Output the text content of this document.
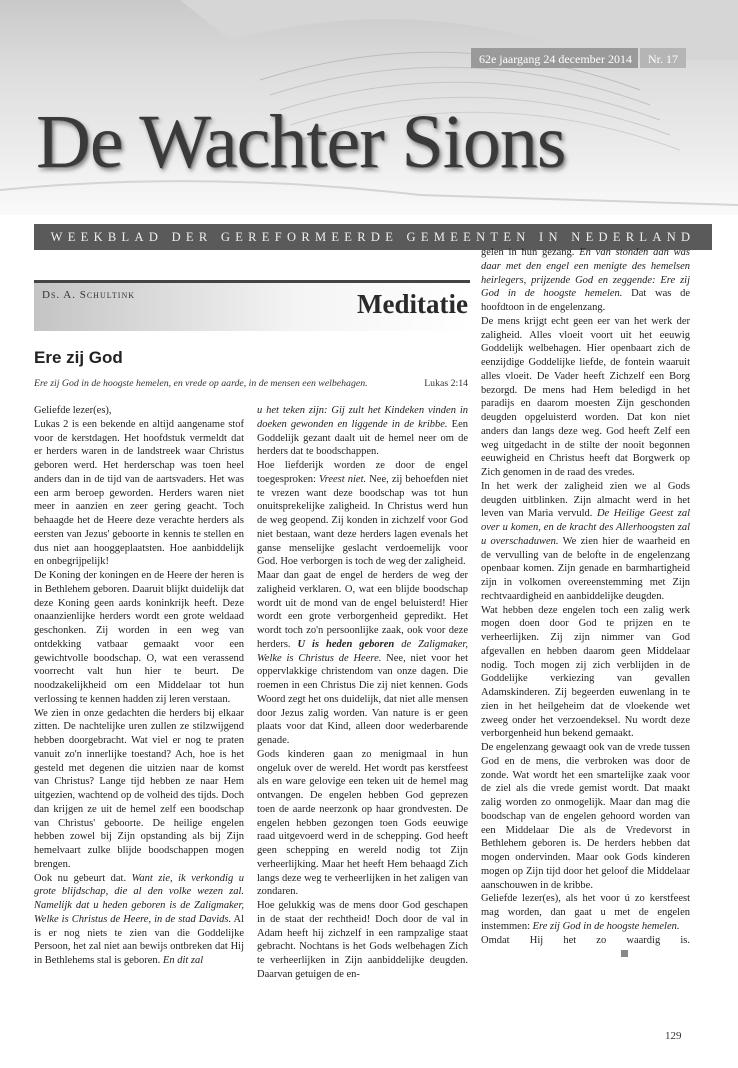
62e jaargang 24 december 2014	Nr. 17
De Wachter Sions
WEEKBLAD DER GEREFORMEERDE GEMEENTEN IN NEDERLAND
Ds. A. Schultink	Meditatie
Ere zij God
Ere zij God in de hoogste hemelen, en vrede op aarde, in de mensen een welbehagen.	Lukas 2:14

Geliefde lezer(es),

Lukas 2 is een bekende en altijd aangename stof voor de kerstdagen. Het hoofdstuk vermeldt dat er herders waren in de landstreek waar Christus geboren werd. Het herderschap was toen heel anders dan in de tijd van de aartsvaders. Het was een arm beroep geworden. Herders waren niet meer in aanzien en zeer gering geacht. Toch behaagde het de Heere deze verachte herders als eersten van Jezus' geboorte in kennis te stellen en dus niet aan hooggeplaatsten. Hoe aanbiddelijk en onbegrijpelijk!

De Koning der koningen en de Heere der heren is in Bethlehem geboren. Daaruit blijkt duidelijk dat deze Koning geen aards koninkrijk heeft. Deze onaanzienlijke herders wordt een grote weldaad geschonken. Zij worden in een weg van ontdekking vatbaar gemaakt voor een gewichtvolle boodschap. O, wat een verassend voorrecht valt hun hier te beurt. De noodzakelijkheid om een Middelaar tot hun verlossing te kennen hadden zij leren verstaan.

We zien in onze gedachten die herders bij elkaar zitten. De nachtelijke uren zullen ze stilzwijgend hebben doorgebracht. Wat viel er nog te praten vanuit zo'n innerlijke toestand? Ach, hoe is het gesteld met degenen die uitzien naar de komst van Christus? Lange tijd hebben ze naar Hem uitgezien, wachtend op de volheid des tijds. Doch dan krijgen ze uit de hemel zelf een boodschap van Christus' geboorte. De heilige engelen hebben zowel bij Zijn opstanding als bij Zijn hemelvaart zulke blijde boodschappen mogen brengen.

Ook nu gebeurt dat. Want zie, ik verkondig u grote blijdschap, die al den volke wezen zal. Namelijk dat u heden geboren is de Zaligmaker, Welke is Christus de Heere, in de stad Davids. Al is er nog niets te zien van die Goddelijke Persoon, het zal niet aan bewijs ontbreken dat Hij in Bethlehems stal is geboren. En dit zal

u het teken zijn: Gij zult het Kindeken vinden in doeken gewonden en liggende in de kribbe. Een Goddelijk gezant daalt uit de hemel neer om de herders dat te boodschappen.

Hoe liefderijk worden ze door de engel toegesproken: Vreest niet. Nee, zij behoefden niet te vrezen want deze boodschap was tot hun onuitsprekelijke zaligheid. In Christus werd hun de weg geopend. Zij konden in zichzelf voor God niet bestaan, want deze herders lagen evenals het ganse menselijke geslacht verdoemelijk voor God. Hoe verborgen is toch de weg der zaligheid.

Maar dan gaat de engel de herders de weg der zaligheid verklaren. O, wat een blijde boodschap wordt uit de mond van de engel beluisterd! Hier wordt een grote verborgenheid gepredikt. Het wordt toch zo'n persoonlijke zaak, ook voor deze herders. U is heden geboren de Zaligmaker, Welke is Christus de Heere. Nee, niet voor het oppervlakkige christendom van onze dagen. Die roemen in een Christus Die zij niet kennen. Gods Woord zegt het ons duidelijk, dat niet alle mensen door Jezus zalig worden. Van nature is er geen plaats voor dat Kind, alleen door wederbarende genade.

Gods kinderen gaan zo menigmaal in hun ongeluk over de wereld. Het wordt pas kerstfeest als en ware gelovige een teken uit de hemel mag ontvangen. De engelen hebben God geprezen toen de aarde neerzonk op haar grondvesten. De engelen hebben gezongen toen Gods eeuwige raad uitgevoerd werd in de schepping. God heeft geen schepping en wereld nodig tot Zijn verheerlijking. Maar het heeft Hem behaagd Zich langs deze weg te verheerlijken in het zaligen van zondaren.

Hoe gelukkig was de mens door God geschapen in de staat der rechtheid! Doch door de val in Adam heeft hij zichzelf in een rampzalige staat gebracht. Nochtans is het Gods welbehagen Zich te verheerlijken in Zijn aanbiddelijke deugden. Daarvan getuigen de en-

gelen in hun gezang. En van stonden aan was daar met den engel een menigte des hemelsen heirlegers, prijzende God en zeggende: Ere zij God in de hoogste hemelen. Dat was de hoofdtoon in de engelenzang.

De mens krijgt echt geen eer van het werk der zaligheid. Alles vloeit voort uit het eeuwig Goddelijk welbehagen. Hier openbaart zich de eenzijdige Goddelijke liefde, de fontein waaruit alles vloeit. De Vader heeft Zichzelf een Borg bezorgd. De mens had Hem beledigd in het paradijs en daarom moesten Zijn geschonden deugden opgeluisterd worden. Dat kon niet anders dan langs deze weg. God heeft Zelf een weg uitgedacht in de stilte der nooit begonnen eeuwigheid en Christus heeft dat Borgwerk op Zich genomen in de raad des vredes.

In het werk der zaligheid zien we al Gods deugden uitblinken. Zijn almacht werd in het leven van Maria vervuld. De Heilige Geest zal over u komen, en de kracht des Allerhoogsten zal u overschaduwen. We zien hier de waarheid en de vervulling van de belofte in de engelenzang openbaar komen. Zijn genade en barmhartigheid zijn in volkomen overeenstemming met Zijn rechtvaardigheid en aanbiddelijke deugden.

Wat hebben deze engelen toch een zalig werk mogen doen door God te prijzen en te verheerlijken. Zij zijn nimmer van God afgevallen en hebben daarom geen Middelaar nodig. Toch mogen zij zich verblijden in de Goddelijke verkiezing van gevallen Adamskinderen. Zij begeerden euwenlang in te zien in het heilgeheim dat de vloekende wet zweeg onder het verzoendeksel. Nu wordt deze verborgenheid hun bekend gemaakt.

De engelenzang gewaagt ook van de vrede tussen God en de mens, die verbroken was door de zonde. Wat wordt het een smartelijke zaak voor de ziel als die vrede gemist wordt. Dat maakt zalig worden zo onmogelijk. Maar dan mag die boodschap van de engelen gehoord worden van een Middelaar Die als de Vredevorst in Bethlehem geboren is. De herders hebben dat mogen ondervinden. Maar ook Gods kinderen mogen op Zijn tijd door het geloof die Middelaar aanschouwen in de kribbe.

Geliefde lezer(es), als het voor ú zo kerstfeest mag worden, dan gaat u met de engelen instemmen: Ere zij God in de hoogste hemelen.

Omdat Hij het zo waardig is.

129
